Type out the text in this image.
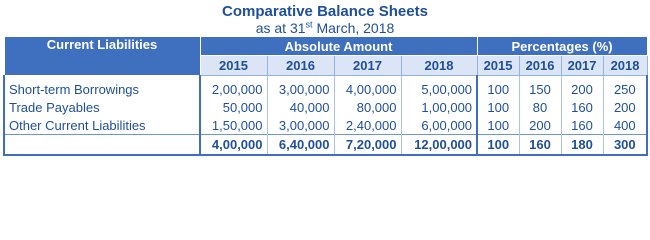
Comparative Balance Sheets
as at 31st March, 2018
Current Liabilities	Absolute Amount				Percentages (%)			
	2015	2016	2017	2018	2015	2016	2017	2018
Short-term Borrowings	2,00,000	3,00,000	4,00,000	5,00,000	100	150	200	250
Trade Payables	50,000	40,000	80,000	1,00,000	100	80	160	200
Other Current Liabilities	1,50,000	3,00,000	2,40,000	6,00,000	100	200	160	400
	4,00,000	6,40,000	7,20,000	12,00,000	100	160	180	300
